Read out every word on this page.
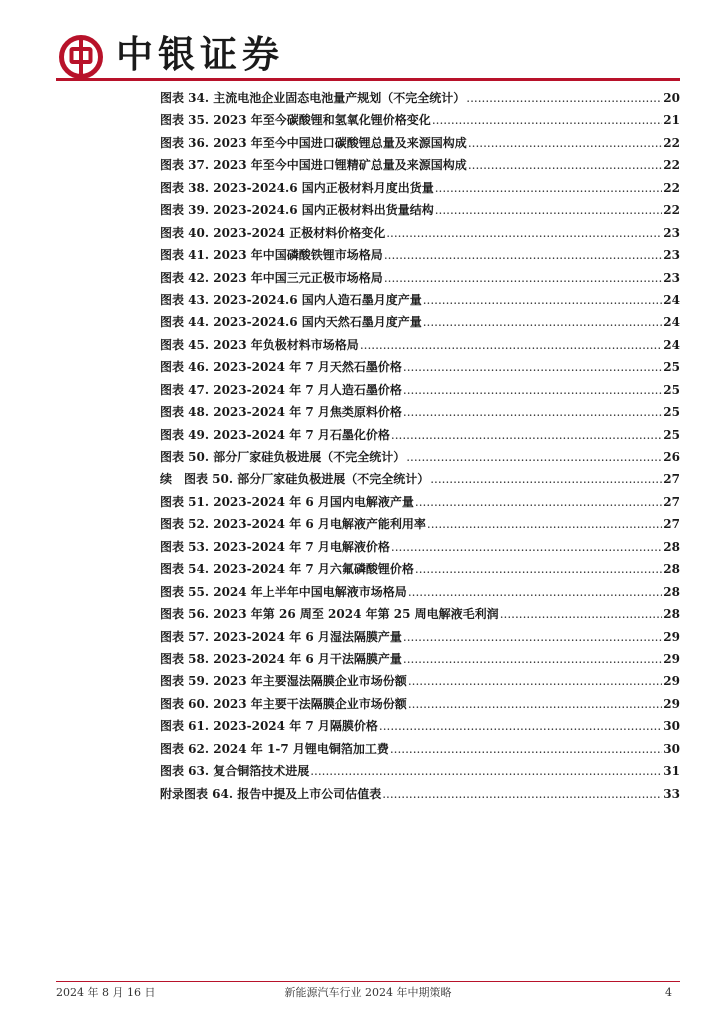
中银证券
图表 34. 主流电池企业固态电池量产规划（不完全统计） .....	20
图表 35. 2023 年至今碳酸锂和氢氧化锂价格变化 .....	21
图表 36. 2023 年至今中国进口碳酸锂总量及来源国构成 .....	22
图表 37. 2023 年至今中国进口锂精矿总量及来源国构成 .....	22
图表 38. 2023-2024.6 国内正极材料月度出货量 .....	22
图表 39. 2023-2024.6 国内正极材料出货量结构 .....	22
图表 40. 2023-2024 正极材料价格变化 .....	23
图表 41. 2023 年中国磷酸铁锂市场格局 .....	23
图表 42. 2023 年中国三元正极市场格局 .....	23
图表 43. 2023-2024.6 国内人造石墨月度产量 .....	24
图表 44. 2023-2024.6 国内天然石墨月度产量 .....	24
图表 45. 2023 年负极材料市场格局 .....	24
图表 46. 2023-2024 年 7 月天然石墨价格 .....	25
图表 47. 2023-2024 年 7 月人造石墨价格 .....	25
图表 48. 2023-2024 年 7 月焦类原料价格 .....	25
图表 49. 2023-2024 年 7 月石墨化价格 .....	25
图表 50. 部分厂家硅负极进展（不完全统计） .....	26
续　图表 50. 部分厂家硅负极进展（不完全统计） .....	27
图表 51. 2023-2024 年 6 月国内电解液产量 .....	27
图表 52. 2023-2024 年 6 月电解液产能利用率 .....	27
图表 53. 2023-2024 年 7 月电解液价格 .....	28
图表 54. 2023-2024 年 7 月六氟磷酸锂价格 .....	28
图表 55. 2024 年上半年中国电解液市场格局 .....	28
图表 56. 2023 年第 26 周至 2024 年第 25 周电解液毛利润 .....	28
图表 57. 2023-2024 年 6 月湿法隔膜产量 .....	29
图表 58. 2023-2024 年 6 月干法隔膜产量 .....	29
图表 59. 2023 年主要湿法隔膜企业市场份额 .....	29
图表 60. 2023 年主要干法隔膜企业市场份额 .....	29
图表 61. 2023-2024 年 7 月隔膜价格 .....	30
图表 62. 2024 年 1-7 月锂电铜箔加工费 .....	30
图表 63. 复合铜箔技术进展 .....	31
附录图表 64. 报告中提及上市公司估值表 .....	33
2024 年 8 月 16 日	新能源汽车行业 2024 年中期策略	4
